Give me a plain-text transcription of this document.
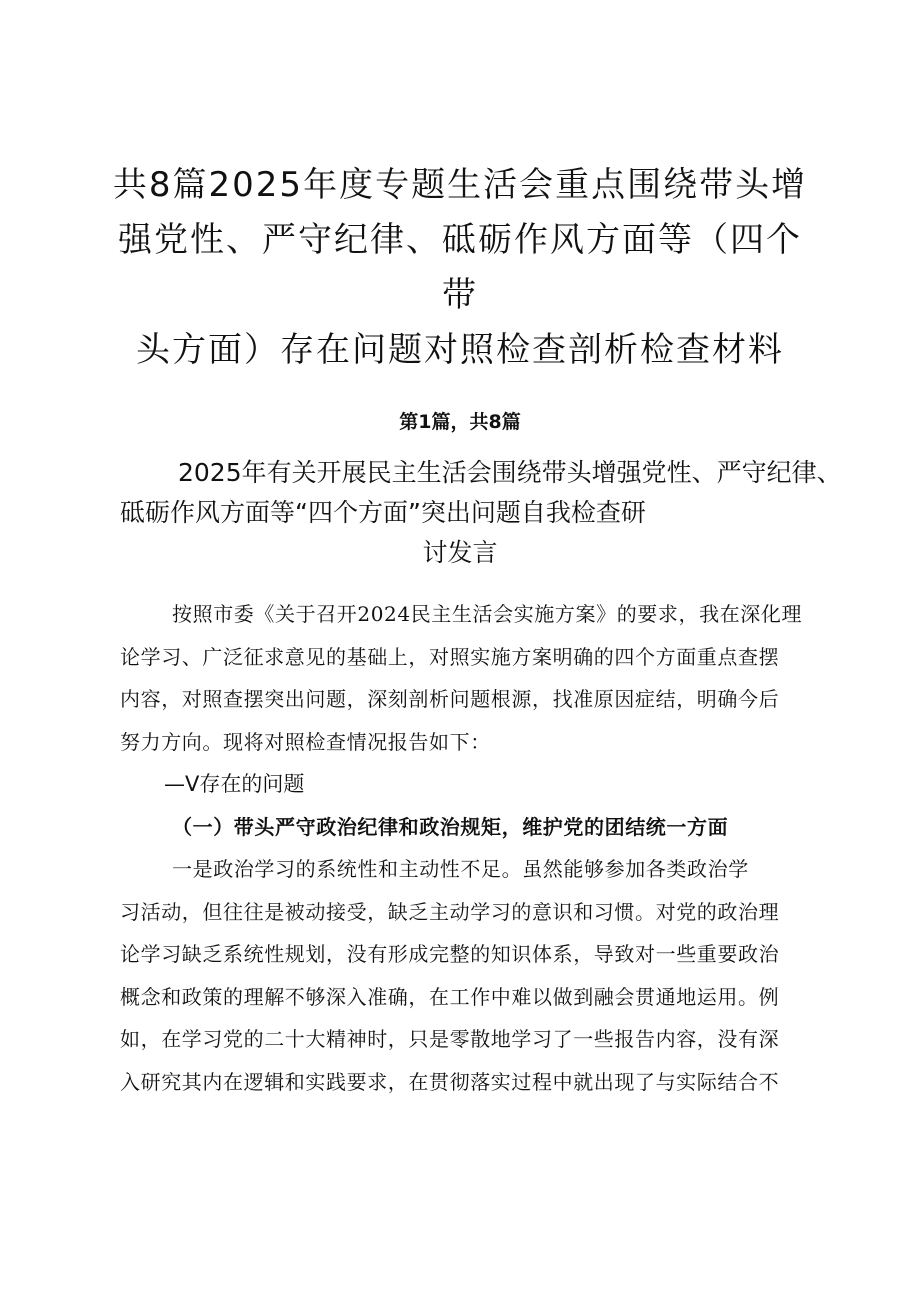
共8篇2025年度专题生活会重点围绕带头增
强党性、严守纪律、砥砺作风方面等（四个带
头方面）存在问题对照检查剖析检查材料
第1篇，共8篇
2025年有关开展民主生活会围绕带头增强党性、严守纪律、
砥砺作风方面等“四个方面”突出问题自我检查研
讨发言
按照市委《关于召开2024民主生活会实施方案》的要求，我在深化理
论学习、广泛征求意见的基础上，对照实施方案明确的四个方面重点查摆
内容，对照查摆突出问题，深刻剖析问题根源，找准原因症结，明确今后
努力方向。现将对照检查情况报告如下：
—V存在的问题
（一）带头严守政治纪律和政治规矩，维护党的团结统一方面
一是政治学习的系统性和主动性不足。虽然能够参加各类政治学
习活动，但往往是被动接受，缺乏主动学习的意识和习惯。对党的政治理
论学习缺乏系统性规划，没有形成完整的知识体系，导致对一些重要政治
概念和政策的理解不够深入准确，在工作中难以做到融会贯通地运用。例
如，在学习党的二十大精神时，只是零散地学习了一些报告内容，没有深
入研究其内在逻辑和实践要求，在贯彻落实过程中就出现了与实际结合不
